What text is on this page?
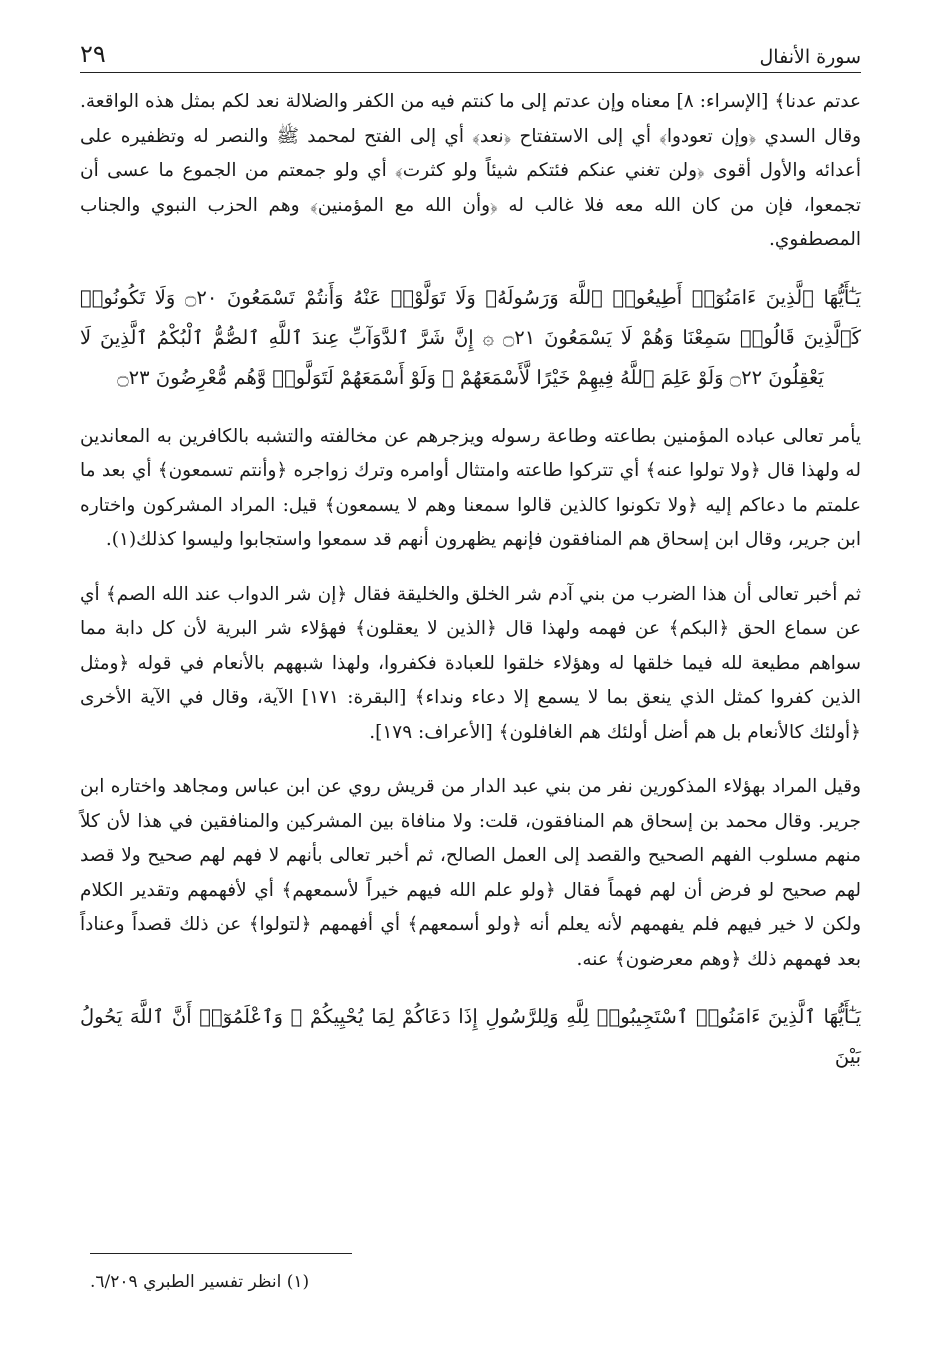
سورة الأنفال
٢٩

عدتم عدنا﴾ [الإسراء: ٨] معناه وإن عدتم إلى ما كنتم فيه من الكفر والضلالة نعد لكم بمثل هذه الواقعة. وقال السدي ﴿وإن تعودوا﴾ أي إلى الاستفتاح ﴿نعد﴾ أي إلى الفتح لمحمد ﷺ والنصر له وتظفيره على أعدائه والأول أقوى ﴿ولن تغني عنكم فئتكم شيئاً ولو كثرت﴾ أي ولو جمعتم من الجموع ما عسى أن تجمعوا، فإن من كان الله معه فلا غالب له ﴿وأن الله مع المؤمنين﴾ وهم الحزب النبوي والجناب المصطفوي.

يَـٰٓأَيُّهَا ٱلَّذِينَ ءَامَنُوٓا۟ أَطِيعُوا۟ ٱللَّهَ وَرَسُولَهُۥ وَلَا تَوَلَّوْا۟ عَنْهُ وَأَنتُمْ تَسْمَعُونَ ۝٢٠ وَلَا تَكُونُوا۟ كَٱلَّذِينَ قَالُوا۟ سَمِعْنَا وَهُمْ لَا يَسْمَعُونَ ۝٢١ ۞ إِنَّ شَرَّ ٱلدَّوَآبِّ عِندَ ٱللَّهِ ٱلصُّمُّ ٱلْبُكْمُ ٱلَّذِينَ لَا يَعْقِلُونَ ۝٢٢ وَلَوْ عَلِمَ ٱللَّهُ فِيهِمْ خَيْرًا لَّأَسْمَعَهُمْ ۖ وَلَوْ أَسْمَعَهُمْ لَتَوَلَّوا۟ وَّهُم مُّعْرِضُونَ ۝٢٣

يأمر تعالى عباده المؤمنين بطاعته وطاعة رسوله ويزجرهم عن مخالفته والتشبه بالكافرين به المعاندين له ولهذا قال ﴿ولا تولوا عنه﴾ أي تتركوا طاعته وامتثال أوامره وترك زواجره ﴿وأنتم تسمعون﴾ أي بعد ما علمتم ما دعاكم إليه ﴿ولا تكونوا كالذين قالوا سمعنا وهم لا يسمعون﴾ قيل: المراد المشركون واختاره ابن جرير، وقال ابن إسحاق هم المنافقون فإنهم يظهرون أنهم قد سمعوا واستجابوا وليسوا كذلك(١).

ثم أخبر تعالى أن هذا الضرب من بني آدم شر الخلق والخليقة فقال ﴿إن شر الدواب عند الله الصم﴾ أي عن سماع الحق ﴿البكم﴾ عن فهمه ولهذا قال ﴿الذين لا يعقلون﴾ فهؤلاء شر البرية لأن كل دابة مما سواهم مطيعة لله فيما خلقها له وهؤلاء خلقوا للعبادة فكفروا، ولهذا شبههم بالأنعام في قوله ﴿ومثل الذين كفروا كمثل الذي ينعق بما لا يسمع إلا دعاء ونداء﴾ [البقرة: ١٧١] الآية، وقال في الآية الأخرى ﴿أولئك كالأنعام بل هم أضل أولئك هم الغافلون﴾ [الأعراف: ١٧٩].

وقيل المراد بهؤلاء المذكورين نفر من بني عبد الدار من قريش روي عن ابن عباس ومجاهد واختاره ابن جرير. وقال محمد بن إسحاق هم المنافقون، قلت: ولا منافاة بين المشركين والمنافقين في هذا لأن كلاً منهم مسلوب الفهم الصحيح والقصد إلى العمل الصالح، ثم أخبر تعالى بأنهم لا فهم لهم صحيح ولا قصد لهم صحيح لو فرض أن لهم فهماً فقال ﴿ولو علم الله فيهم خيراً لأسمعهم﴾ أي لأفهمهم وتقدير الكلام ولكن لا خير فيهم فلم يفهمهم لأنه يعلم أنه ﴿ولو أسمعهم﴾ أي أفهمهم ﴿لتولوا﴾ عن ذلك قصداً وعناداً بعد فهمهم ذلك ﴿وهم معرضون﴾ عنه.

يَـٰٓأَيُّهَا ٱلَّذِينَ ءَامَنُوا۟ ٱسْتَجِيبُوا۟ لِلَّهِ وَلِلرَّسُولِ إِذَا دَعَاكُمْ لِمَا يُحْيِيكُمْ ۖ وَٱعْلَمُوٓا۟ أَنَّ ٱللَّهَ يَحُولُ بَيْنَ

(١) انظر تفسير الطبري ٦/٢٠٩.
